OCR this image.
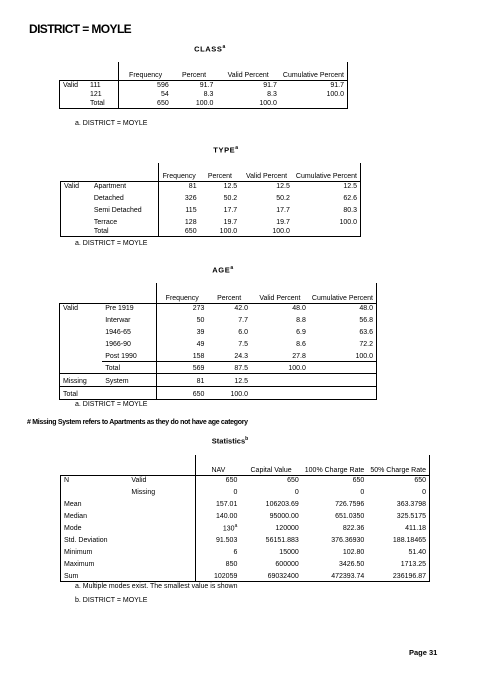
DISTRICT = MOYLE
CLASS$^a$
		Frequency	Percent	Valid Percent	Cumulative Percent
Valid	111	596	91.7	91.7	91.7
	121	54	8.3	8.3	100.0
	Total	650	100.0	100.0	
a. DISTRICT = MOYLE
TYPE$^a$
		Frequency	Percent	Valid Percent	Cumulative Percent
Valid	Apartment	81	12.5	12.5	12.5
	Detached	326	50.2	50.2	62.6
	Semi Detached	115	17.7	17.7	80.3
	Terrace	128	19.7	19.7	100.0
	Total	650	100.0	100.0	
a. DISTRICT = MOYLE
AGE$^a$
		Frequency	Percent	Valid Percent	Cumulative Percent
Valid	Pre 1919	273	42.0	48.0	48.0
	Interwar	50	7.7	8.8	56.8
	1946-65	39	6.0	6.9	63.6
	1966-90	49	7.5	8.6	72.2
	Post 1990	158	24.3	27.8	100.0
	Total	569	87.5	100.0	
Missing	System	81	12.5		
Total		650	100.0		
a. DISTRICT = MOYLE
# Missing System refers to Apartments as they do not have age category
Statistics$^b$
		NAV	Capital Value	100% Charge Rate	50% Charge Rate
N	Valid	650	650	650	650
	Missing	0	0	0	0
Mean		157.01	106203.69	726.7596	363.3798
Median		140.00	95000.00	651.0350	325.5175
Mode		130$^a$	120000	822.36	411.18
Std. Deviation		91.503	56151.883	376.36930	188.18465
Minimum		6	15000	102.80	51.40
Maximum		850	600000	3426.50	1713.25
Sum		102059	69032400	472393.74	236196.87
a. Multiple modes exist. The smallest value is shown
b. DISTRICT = MOYLE
Page 31
